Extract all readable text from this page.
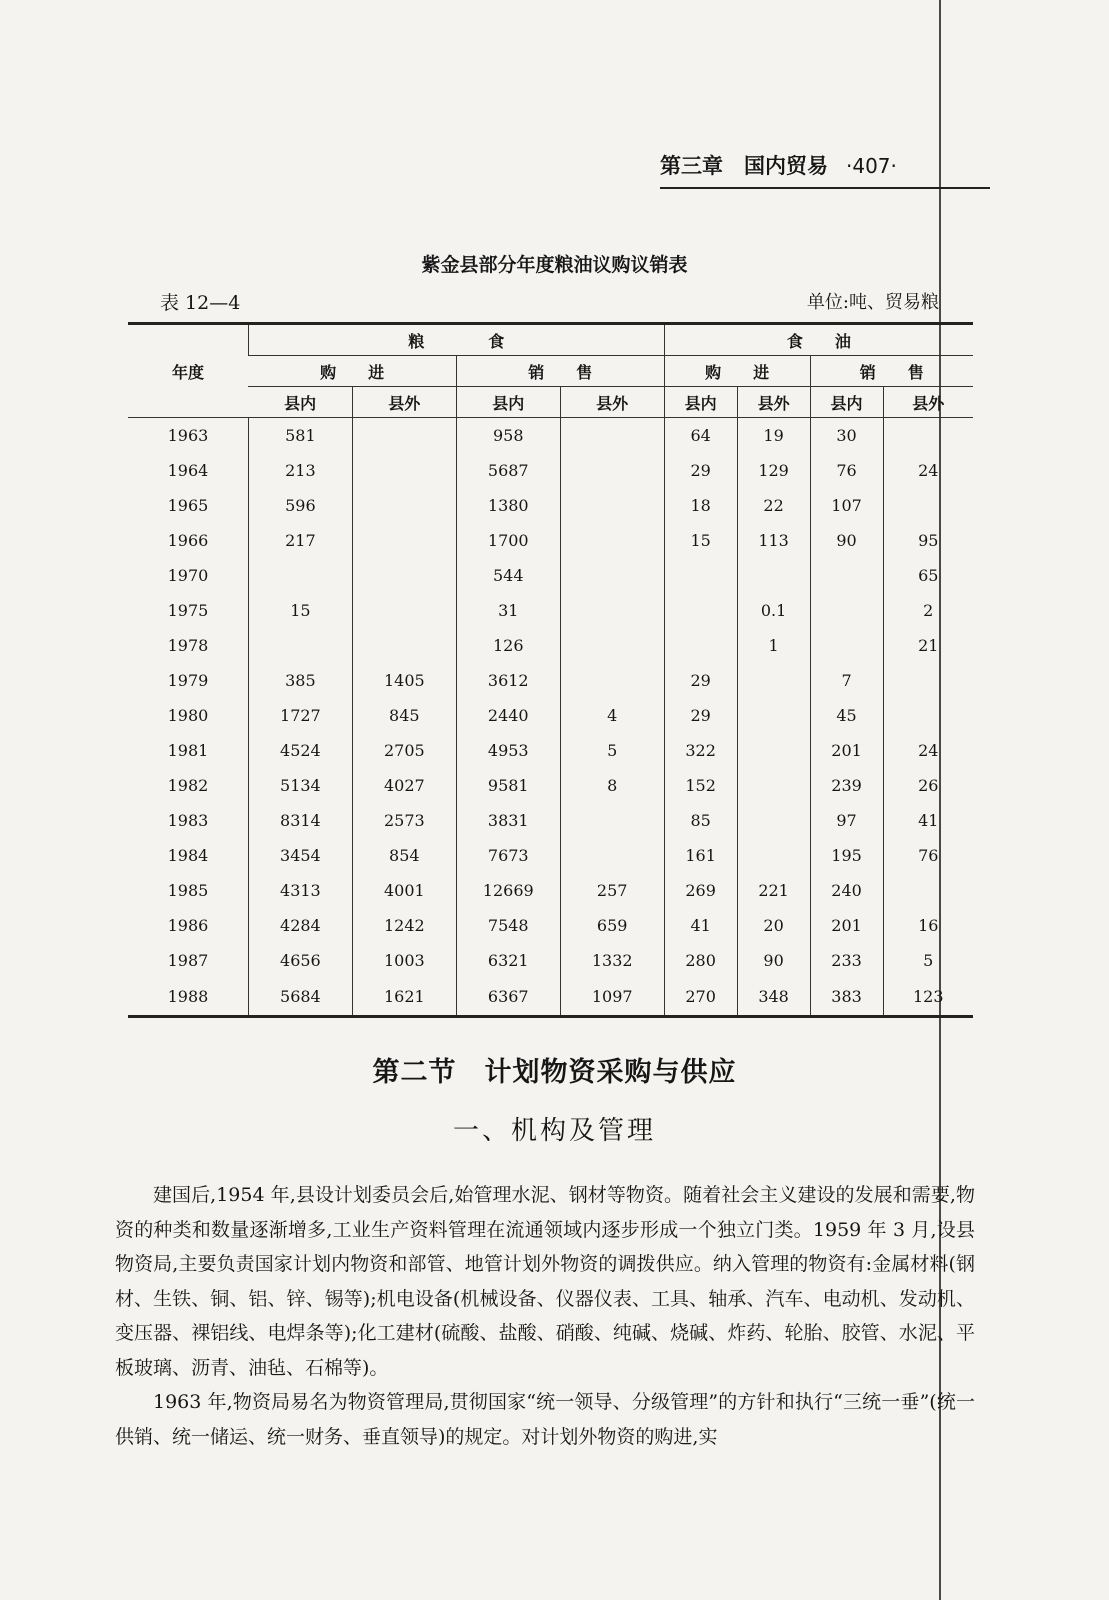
第三章　国内贸易 ·407·
紫金县部分年度粮油议购议销表
表 12—4	单位:吨、贸易粮
年度	粮　　　　食				食　　油			
	购　　进		销　　售		购　　进		销　　售	
	县内	县外	县内	县外	县内	县外	县内	县外
1963	581		958		64	19	30	
1964	213		5687		29	129	76	24
1965	596		1380		18	22	107	
1966	217		1700		15	113	90	95
1970			544					65
1975	15		31			0.1		2
1978			126			1		21
1979	385	1405	3612		29		7	
1980	1727	845	2440	4	29		45	
1981	4524	2705	4953	5	322		201	24
1982	5134	4027	9581	8	152		239	26
1983	8314	2573	3831		85		97	41
1984	3454	854	7673		161		195	76
1985	4313	4001	12669	257	269	221	240	
1986	4284	1242	7548	659	41	20	201	16
1987	4656	1003	6321	1332	280	90	233	5
1988	5684	1621	6367	1097	270	348	383	123
第二节　计划物资采购与供应
一、机构及管理

建国后,1954 年,县设计划委员会后,始管理水泥、钢材等物资。随着社会主义建设的发展和需要,物资的种类和数量逐渐增多,工业生产资料管理在流通领域内逐步形成一个独立门类。1959 年 3 月,设县物资局,主要负责国家计划内物资和部管、地管计划外物资的调拨供应。纳入管理的物资有:金属材料(钢材、生铁、铜、铝、锌、锡等);机电设备(机械设备、仪器仪表、工具、轴承、汽车、电动机、发动机、变压器、裸铝线、电焊条等);化工建材(硫酸、盐酸、硝酸、纯碱、烧碱、炸药、轮胎、胶管、水泥、平板玻璃、沥青、油毡、石棉等)。

1963 年,物资局易名为物资管理局,贯彻国家“统一领导、分级管理”的方针和执行“三统一垂”(统一供销、统一储运、统一财务、垂直领导)的规定。对计划外物资的购进,实
